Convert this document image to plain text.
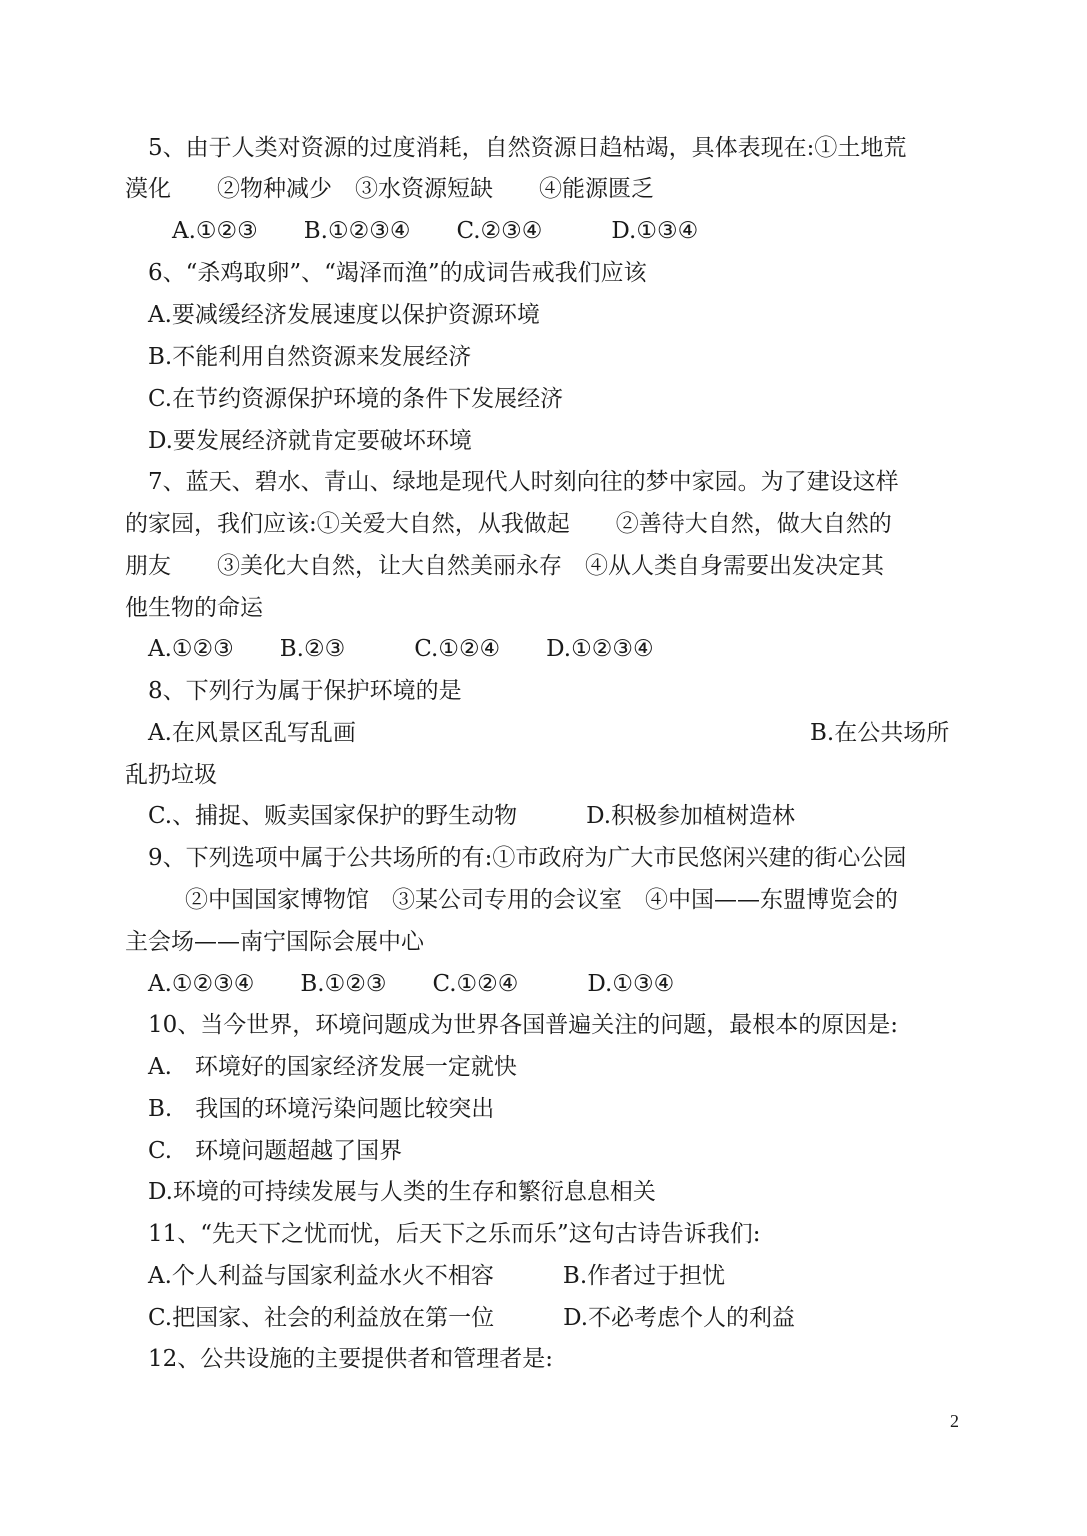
5、由于人类对资源的过度消耗，自然资源日趋枯竭，具体表现在:①土地荒
漠化　　②物种减少　③水资源短缺　　④能源匮乏
A.①②③　　B.①②③④　　C.②③④　　　D.①③④
6、“杀鸡取卵”、“竭泽而渔”的成词告戒我们应该
A.要减缓经济发展速度以保护资源环境
B.不能利用自然资源来发展经济
C.在节约资源保护环境的条件下发展经济
D.要发展经济就肯定要破坏环境
7、蓝天、碧水、青山、绿地是现代人时刻向往的梦中家园。为了建设这样
的家园，我们应该:①关爱大自然，从我做起　　②善待大自然，做大自然的
朋友　　③美化大自然，让大自然美丽永存　④从人类自身需要出发决定其
他生物的命运
A.①②③　　B.②③　　　C.①②④　　D.①②③④
8、下列行为属于保护环境的是
A.在风景区乱写乱画	B.在公共场所
乱扔垃圾
C.、捕捉、贩卖国家保护的野生动物　　　D.积极参加植树造林
9、下列选项中属于公共场所的有:①市政府为广大市民悠闲兴建的街心公园
②中国国家博物馆　③某公司专用的会议室　④中国——东盟博览会的
主会场——南宁国际会展中心
A.①②③④　　B.①②③　　C.①②④　　　D.①③④
10、当今世界，环境问题成为世界各国普遍关注的问题，最根本的原因是:
A.　环境好的国家经济发展一定就快
B.　我国的环境污染问题比较突出
C.　环境问题超越了国界
D.环境的可持续发展与人类的生存和繁衍息息相关
11、“先天下之忧而忧，后天下之乐而乐”这句古诗告诉我们:
A.个人利益与国家利益水火不相容　　　B.作者过于担忧
C.把国家、社会的利益放在第一位　　　D.不必考虑个人的利益
12、公共设施的主要提供者和管理者是:
2
